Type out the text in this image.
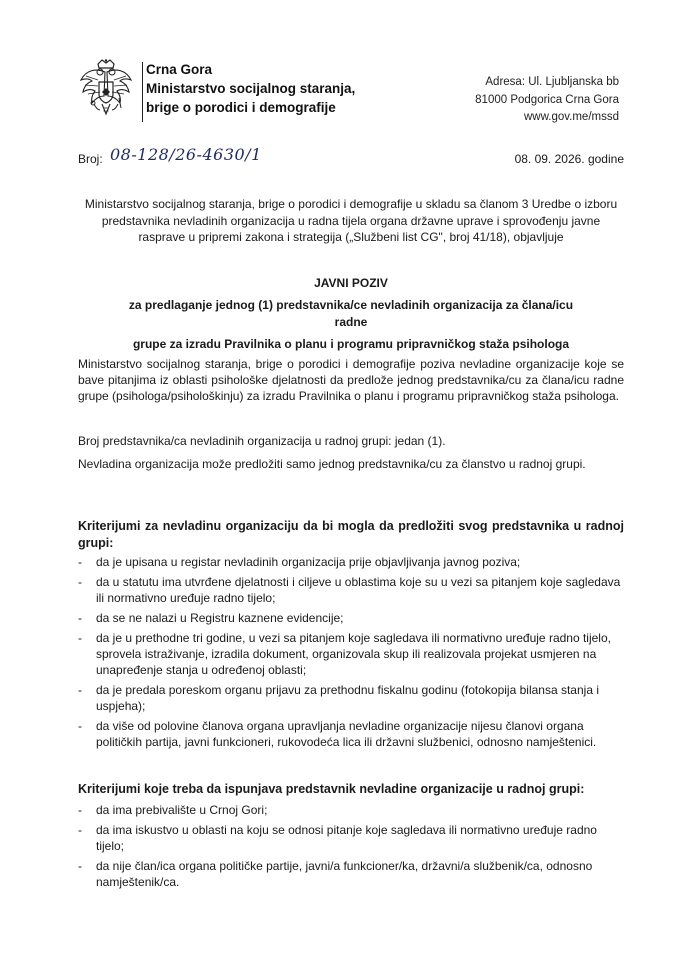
Crna Gora
Ministarstvo socijalnog staranja,
brige o porodici i demografije
Adresa: Ul. Ljubljanska bb
81000 Podgorica Crna Gora
www.gov.me/mssd
Broj: 08-128/26-4630/1	08. 09. 2026. godine
Ministarstvo socijalnog staranja, brige o porodici i demografije u skladu sa članom 3 Uredbe o izboru predstavnika nevladinih organizacija u radna tijela organa državne uprave i sprovođenju javne rasprave u pripremi zakona i strategija („Službeni list CG", broj 41/18), objavljuje
JAVNI POZIV
za predlaganje jednog (1) predstavnika/ce nevladinih organizacija za člana/icu
radne
grupe za izradu Pravilnika o planu i programu pripravničkog staža psihologa
Ministarstvo socijalnog staranja, brige o porodici i demografije poziva nevladine organizacije koje se bave pitanjima iz oblasti psihološke djelatnosti da predlože jednog predstavnika/cu za člana/icu radne grupe (psihologa/psihološkinju) za izradu Pravilnika o planu i programu pripravničkog staža psihologa.
Broj predstavnika/ca nevladinih organizacija u radnoj grupi: jedan (1).
Nevladina organizacija može predložiti samo jednog predstavnika/cu za članstvo u radnoj grupi.
Kriterijumi za nevladinu organizaciju da bi mogla da predložiti svog predstavnika u radnoj grupi:
- da je upisana u registar nevladinih organizacija prije objavljivanja javnog poziva;
- da u statutu ima utvrđene djelatnosti i ciljeve u oblastima koje su u vezi sa pitanjem koje sagledava ili normativno uređuje radno tijelo;
- da se ne nalazi u Registru kaznene evidencije;
- da je u prethodne tri godine, u vezi sa pitanjem koje sagledava ili normativno uređuje radno tijelo, sprovela istraživanje, izradila dokument, organizovala skup ili realizovala projekat usmjeren na unapređenje stanja u određenoj oblasti;
- da je predala poreskom organu prijavu za prethodnu fiskalnu godinu (fotokopija bilansa stanja i uspjeha);
- da više od polovine članova organa upravljanja nevladine organizacije nijesu članovi organa političkih partija, javni funkcioneri, rukovodeća lica ili državni službenici, odnosno namještenici.
Kriterijumi koje treba da ispunjava predstavnik nevladine organizacije u radnoj grupi:
- da ima prebivalište u Crnoj Gori;
- da ima iskustvo u oblasti na koju se odnosi pitanje koje sagledava ili normativno uređuje radno tijelo;
- da nije član/ica organa političke partije, javni/a funkcioner/ka, državni/a službenik/ca, odnosno namještenik/ca.
